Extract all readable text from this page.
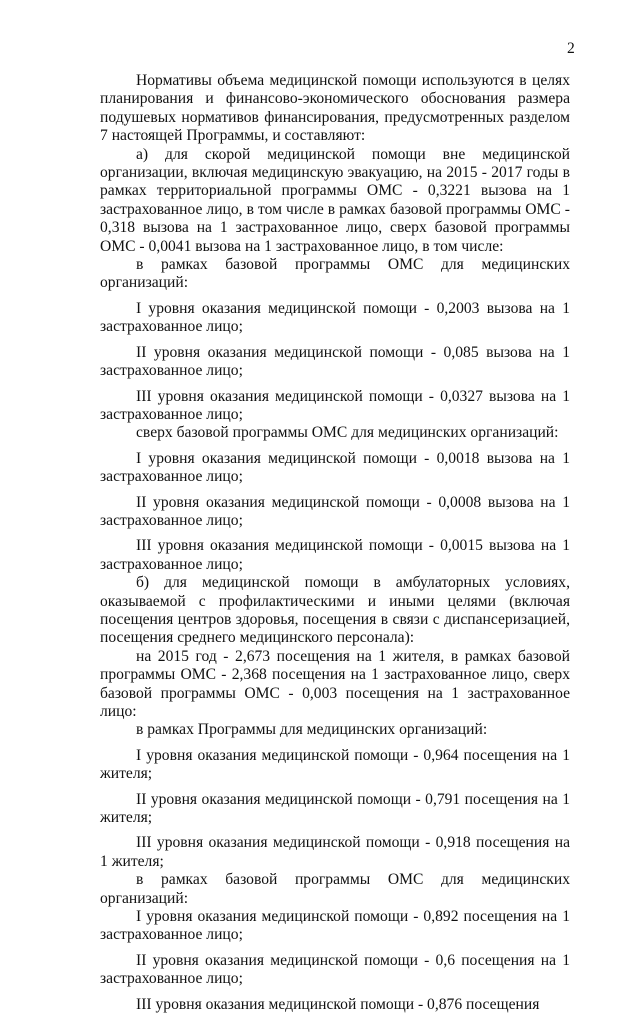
2

Нормативы объема медицинской помощи используются в целях планирования и финансово-экономического обоснования размера подушевых нормативов финансирования, предусмотренных разделом 7 настоящей Программы, и составляют:

а) для скорой медицинской помощи вне медицинской организации, включая медицинскую эвакуацию, на 2015 - 2017 годы в рамках территориальной программы ОМС - 0,3221 вызова на 1 застрахованное лицо, в том числе в рамках базовой программы ОМС - 0,318 вызова на 1 застрахованное лицо, сверх базовой программы ОМС - 0,0041 вызова на 1 застрахованное лицо, в том числе:

в рамках базовой программы ОМС для медицинских организаций:

I уровня оказания медицинской помощи - 0,2003 вызова на 1 застрахованное лицо;

II уровня оказания медицинской помощи - 0,085 вызова на 1 застрахованное лицо;

III уровня оказания медицинской помощи - 0,0327 вызова на 1 застрахованное лицо;

сверх базовой программы ОМС для медицинских организаций:

I уровня оказания медицинской помощи - 0,0018 вызова на 1 застрахованное лицо;

II уровня оказания медицинской помощи - 0,0008 вызова на 1 застрахованное лицо;

III уровня оказания медицинской помощи - 0,0015 вызова на 1 застрахованное лицо;

б) для медицинской помощи в амбулаторных условиях, оказываемой с профилактическими и иными целями (включая посещения центров здоровья, посещения в связи с диспансеризацией, посещения среднего медицинского персонала):

на 2015 год - 2,673 посещения на 1 жителя, в рамках базовой программы ОМС - 2,368 посещения на 1 застрахованное лицо, сверх базовой программы ОМС - 0,003 посещения на 1 застрахованное лицо:

в рамках Программы для медицинских организаций:

I уровня оказания медицинской помощи - 0,964 посещения на 1 жителя;

II уровня оказания медицинской помощи - 0,791 посещения на 1 жителя;

III уровня оказания медицинской помощи - 0,918 посещения на 1 жителя;

в рамках базовой программы ОМС для медицинских организаций:

I уровня оказания медицинской помощи - 0,892 посещения на 1 застрахованное лицо;

II уровня оказания медицинской помощи - 0,6 посещения на 1 застрахованное лицо;

III уровня оказания медицинской помощи - 0,876 посещения
